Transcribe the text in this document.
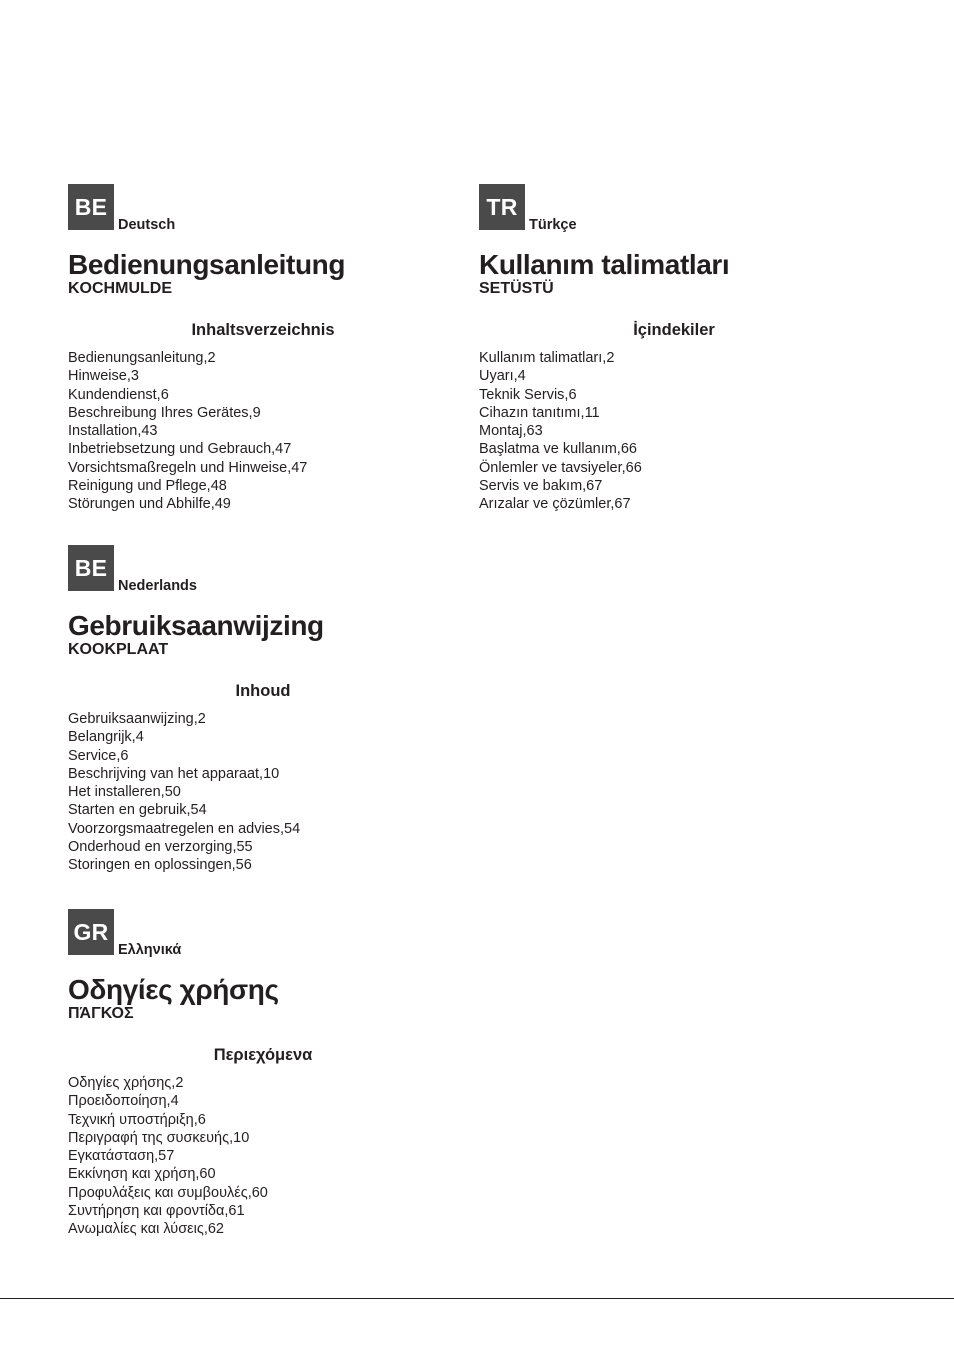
BE
Deutsch
Bedienungsanleitung
KOCHMULDE
Inhaltsverzeichnis
Bedienungsanleitung,2
Hinweise,3
Kundendienst,6
Beschreibung Ihres Gerätes,9
Installation,43
Inbetriebsetzung und Gebrauch,47
Vorsichtsmaßregeln und Hinweise,47
Reinigung und Pflege,48
Störungen und Abhilfe,49
TR
Türkçe
Kullanım talimatları
SETÜSTÜ
İçindekiler
Kullanım talimatları,2
Uyarı,4
Teknik Servis,6
Cihazın tanıtımı,11
Montaj,63
Başlatma ve kullanım,66
Önlemler ve tavsiyeler,66
Servis ve bakım,67
Arızalar ve çözümler,67
BE
Nederlands
Gebruiksaanwijzing
KOOKPLAAT
Inhoud
Gebruiksaanwijzing,2
Belangrijk,4
Service,6
Beschrijving van het apparaat,10
Het installeren,50
Starten en gebruik,54
Voorzorgsmaatregelen en advies,54
Onderhoud en verzorging,55
Storingen en oplossingen,56
GR
Ελληνικά
Οδηγίες χρήσης
ΠΆΓΚΟΣ
Περιεχόμενα
Οδηγίες χρήσης,2
Προειδοποίηση,4
Τεχνική υποστήριξη,6
Περιγραφή της συσκευής,10
Εγκατάσταση,57
Εκκίνηση και χρήση,60
Προφυλάξεις και συμβουλές,60
Συντήρηση και φροντίδα,61
Ανωμαλίες και λύσεις,62
